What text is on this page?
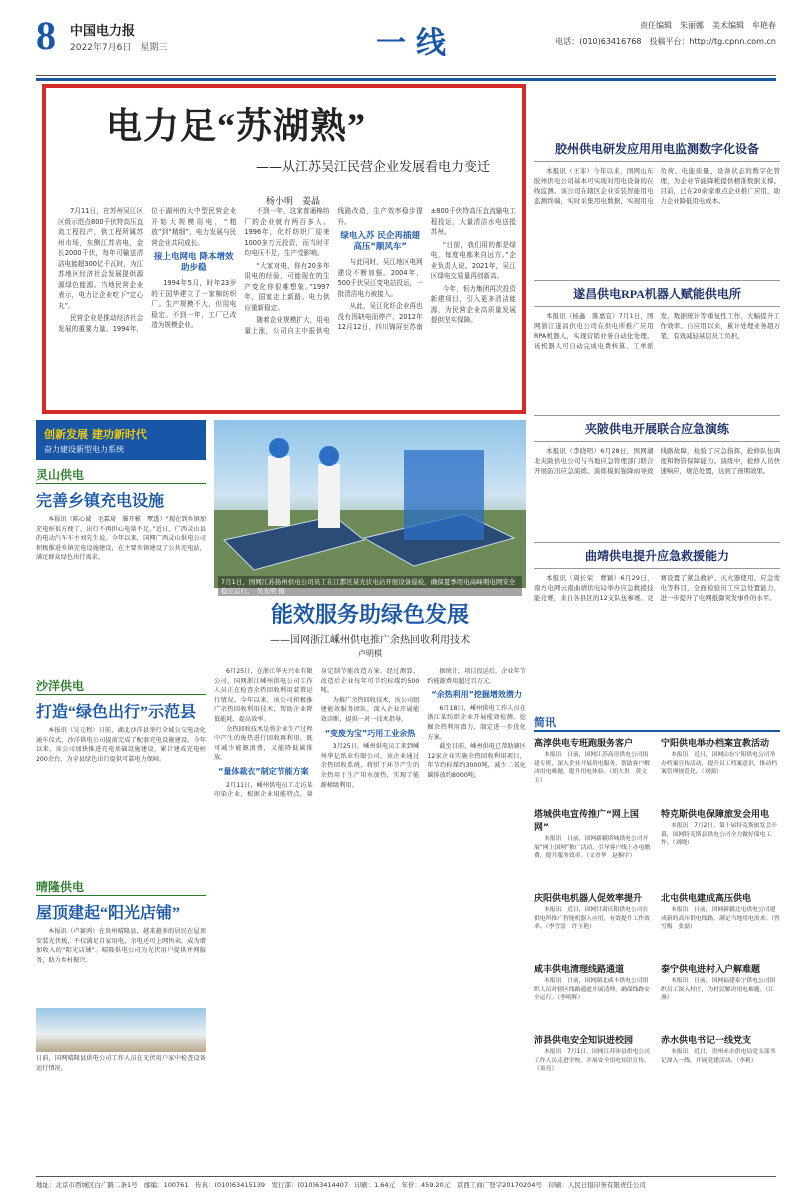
8 中国电力报
2022年7月6日　星期三	一线
责任编辑　朱丽娜　美术编辑　牟艳春
电话：(010)63416768　投稿平台：http://tg.cpnn.com.cn
电力足“苏湖熟”
——从江苏吴江民营企业发展看电力变迁
杨小明　姜晶

7月11日，在苏州吴江区区级示范点800千伏特高压直流工程投产，供工程所属苏州市场，东侧江苏省电，金长2000千伏，每年可输送清洁电能超300亿千瓦时，为江苏地区经济社会发展提供源源绿色能源。当地民营企业表示，电力让企业吃下“定心丸”。

民营企业是推动经济社会发展的重要力量。1994年，位于湖州的大中型民营企业开始大规模用电，“粗放”到“精细”，电力发展与民营企业共同成长。

接上电网电 降本增效助步稳

1994年5月，时年23岁的王国华建立了一家棉纺织厂。生产规模不大，但用电稳定。不到一年，工厂已改造为规模企业。

不到一年，这家普通棉纺厂的企业就有两百多人。1996年，化纤纺织厂迎来1000多万元投资，而当时平均电压不足，生产受影响。

“大家对电，你有20多年用电的经验，可能现在的生产变化你很难想象。”1997年，国家走上新路。电力供应重新稳定。

随着企业规模扩大，用电量上涨，公司自主申报供电线路改造，生产效率稳步提升。

绿电入苏 民企再插翅高压“顺风车”

与此同时，吴江地区电网建设不断加强。2004年，500千伏吴江变电站投运，一批清洁电力被接入。

从此，吴江化纤企业再也没有因缺电而停产。2012年12月12日，四川锦屏至苏南±800千伏特高压直流输电工程投运，大量清洁水电送抵苏州。

“目前，我们用的都是绿电，每度电都来自远方。”企业负责人说。2021年，吴江区绿电交易量再创新高。

今年，恒力集团再次投资新建项目，引入更多清洁能源，为民营企业高质量发展提供坚实保障。

胶州供电研发应用用电监测数字化设备

本报讯（王菲）今年以来，国网山东胶州供电公司基本可实现对用电设备的在线监测。该公司在辖区企业安装智能用电监测终端，实时采集用电数据，实现用电负荷、电能质量、设备状态的数字化管理，为企业节能降耗提供精准数据支撑。目前，已在20余家重点企业推广应用，助力企业降低用电成本。

遂昌供电RPA机器人赋能供电所

本报讯（杨鑫　陈嘉宜）7月1日，国网浙江遂昌供电公司在供电所推广应用RPA机器人，实现营销业务自动化处理。该机器人可自动完成电费核算、工单派发、数据统计等重复性工作，大幅提升工作效率。自应用以来，累计处理业务超万笔，有效减轻基层员工负担。

夹陂供电开展联合应急演练

本报讯（李晓明）6月28日，国网湖北夹陂供电公司与当地应急管理部门联合开展防汛应急演练。演练模拟强降雨导致线路故障，检验了应急指挥、抢修队伍调度和物资保障能力。演练中，抢修人员快速响应，规范处置，达到了预期效果。

曲靖供电提升应急救援能力

本报讯（周长荣　曹颖）6月29日，南方电网云南曲靖供电局举办应急救援技能竞赛，来自各县区的12支队伍参赛。竞赛设置了紧急救护、灭火器使用、应急发电等科目，全面检验员工应急处置能力，进一步提升了电网抵御突发事件的水平。

7月1日，国网江苏扬州供电公司员工在江都区某光伏电站开展设备巡检，确保夏季用电高峰期电网安全稳定运行。　吴光明 摄
创新发展 建功新时代
奋力建设新型电力系统
灵山供电
完善乡镇充电设施

本报讯（陈心诚　毛霖琦　滕开雅　覃透）“现在到乡镇加充电桩很方便了，出行不再担心电量不足。”近日，广西灵山县的电动汽车车主刘先生说。今年以来，国网广西灵山供电公司积极推进乡镇充电设施建设，在主要乡镇建设了公共充电站，满足群众绿色出行需求。

沙洋供电
打造“绿色出行”示范县

本报讯（吴元程）日前，湖北沙洋县举行全域公交电动化通车仪式，沙洋供电公司提前完成了配套充电设施建设。今年以来，该公司加快推进充电基础设施建设，累计建成充电桩200余台，为全县绿色出行提供可靠电力保障。

晴隆供电
屋顶建起“阳光店铺”

本报讯（卢赛鸿）在贵州晴隆县，越来越多的居民在屋顶安装光伏板，不仅满足自家用电，余电还可上网售卖，成为增加收入的“阳光店铺”。晴隆供电公司为光伏用户提供并网服务，助力乡村振兴。

日前，国网晴隆县供电公司工作人员在光伏用户家中检查设备运行情况。
能效服务助绿色发展
——国网浙江嵊州供电推广余热回收利用技术
卢明棋

6月25日，在浙江华天兴业有限公司，国网浙江嵊州供电公司工作人员正在检查余热回收利用装置运行情况。今年以来，该公司积极推广余热回收利用技术，帮助企业降低能耗、提高效率。

余热回收技术是将企业生产过程中产生的废热进行回收再利用，既可减少能源浪费，又能降低碳排放。

“量体裁衣”制定节能方案

2月11日，嵊州供电员工走访某印染企业，根据企业用能特点，量身定制节能改造方案。经过测算，改造后企业每年可节约标煤约500吨。

为推广余热回收技术，该公司组建能效服务团队，深入企业开展能效诊断，提供一对一技术指导。

“变废为宝”巧用工业余热

3月25日，嵊州供电员工来到嵊州华亿纸业有限公司，该企业通过余热回收系统，将烘干环节产生的余热用于生产用水加热，实现了能源梯级利用。

据统计，项目投运后，企业年节约能源费用超过百万元。

“余热利用”挖掘增效潜力

6月18日，嵊州供电工作人员在浙江某纺织企业开展能效检测，挖掘余热利用潜力，制定进一步优化方案。

截至目前，嵊州供电已帮助辖区12家企业实施余热回收利用项目，年节约标煤约3000吨，减少二氧化碳排放约8000吨。

简讯
高淳供电专班跑服务客户

本报讯　日前，国网江苏高淳供电公司组建专班，深入企业开展用电服务，帮助客户解决用电难题，提升用电体验。（胡大贵　黄文玉）

宁阳供电举办档案宣教活动

本报讯　近日，国网山东宁阳供电公司举办档案宣传活动，提升员工档案意识，推动档案管理规范化。（刘强）

塔城供电宣传推广“网上国网”

本报讯　日前，国网新疆塔城供电公司开展“网上国网”推广活动，引导客户线上办电缴费，提升服务效率。（文青华　赵桐宇）

特克斯供电保障旅发会用电

本报讯　7月2日，第十届特克斯旅发会开幕，国网特克斯县供电公司全力做好保电工作。（刘晓）

庆阳供电机器人促效率提升

本报讯　近日，国网甘肃庆阳供电公司在供电所推广智能机器人应用，有效提升工作效率。（李雪雷　许玉艳）

北屯供电建成高压供电

本报讯　日前，国网新疆北屯供电公司建成新的高压供电线路，满足当地用电需求。（曾雪梅　张磊）

咸丰供电清理线路通道

本报讯　日前，国网湖北咸丰供电公司组织人员对辖区线路通道开展清理，确保线路安全运行。（李明辉）

泰宁供电进村入户解难题

本报讯　日前，国网福建泰宁供电公司组织员工深入村庄，为村民解决用电难题。（江燕）

沛县供电安全知识进校园

本报讯　7月1日，国网江苏沛县供电公司工作人员走进学校，开展安全用电知识宣传。（童亮）

赤水供电书记一线党支

本报讯　近日，贵州赤水供电局党支部书记深入一线，开展党建活动。（李莉）

地址：北京市西城区白广路二条1号　邮编：100761　传真：(010)63415139　发行部：(010)63414407　印刷：1.64元　年价：459.20元　京西工商广登字20170204号　印刷：人民日报印务有限责任公司
